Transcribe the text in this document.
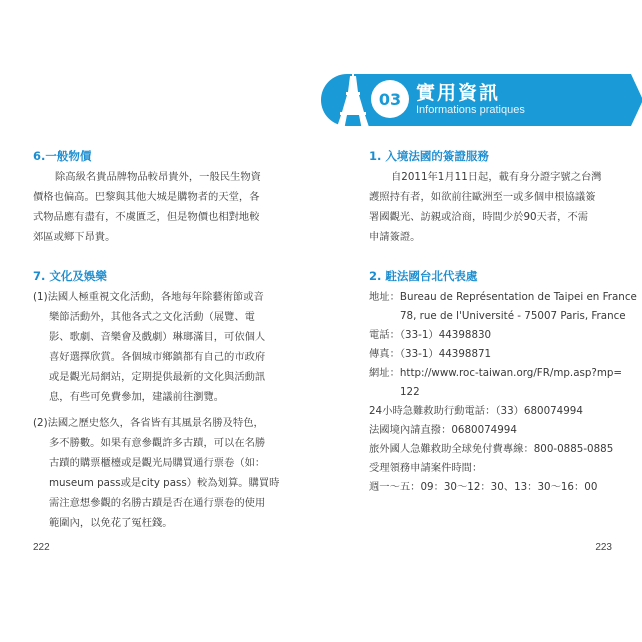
6.一般物價
除高級名貴品牌物品較昂貴外，一般民生物資
價格也偏高。巴黎與其他大城是購物者的天堂，各
式物品應有盡有，不虞匱乏，但是物價也相對地較
郊區或鄉下昂貴。
7. 文化及娛樂
(1)法國人極重視文化活動，各地每年除藝術節或音
樂節活動外，其他各式之文化活動（展覽、電
影、歌劇、音樂會及戲劇）琳瑯滿目，可依個人
喜好選擇欣賞。各個城市鄉鎮都有自己的市政府
或是觀光局網站，定期提供最新的文化與活動訊
息，有些可免費參加，建議前往瀏覽。
(2)法國之歷史悠久，各省皆有其風景名勝及特色，
多不勝數。如果有意參觀許多古蹟，可以在名勝
古蹟的購票櫃檯或是觀光局購買通行票卷（如：
museum pass或是city pass）較為划算。購買時
需注意想參觀的名勝古蹟是否在通行票卷的使用
範圍內，以免花了冤枉錢。
222
03 實用資訊
Informations pratiques
1. 入境法國的簽證服務
自2011年1月11日起，載有身分證字號之台灣
護照持有者，如欲前往歐洲至一或多個申根協議簽
署國觀光、訪親或洽商，時間少於90天者，不需
申請簽證。
2. 駐法國台北代表處
地址：Bureau de Représentation de Taipei en France
78, rue de l'Université - 75007 Paris, France
電話：（33-1）44398830
傳真：（33-1）44398871
網址：http://www.roc-taiwan.org/FR/mp.asp?mp=
122
24小時急難救助行動電話：（33）680074994
法國境內請直撥：0680074994
旅外國人急難救助全球免付費專線：800-0885-0885
受理領務申請案件時間：
週一～五：09：30～12：30、13：30～16：00
223
